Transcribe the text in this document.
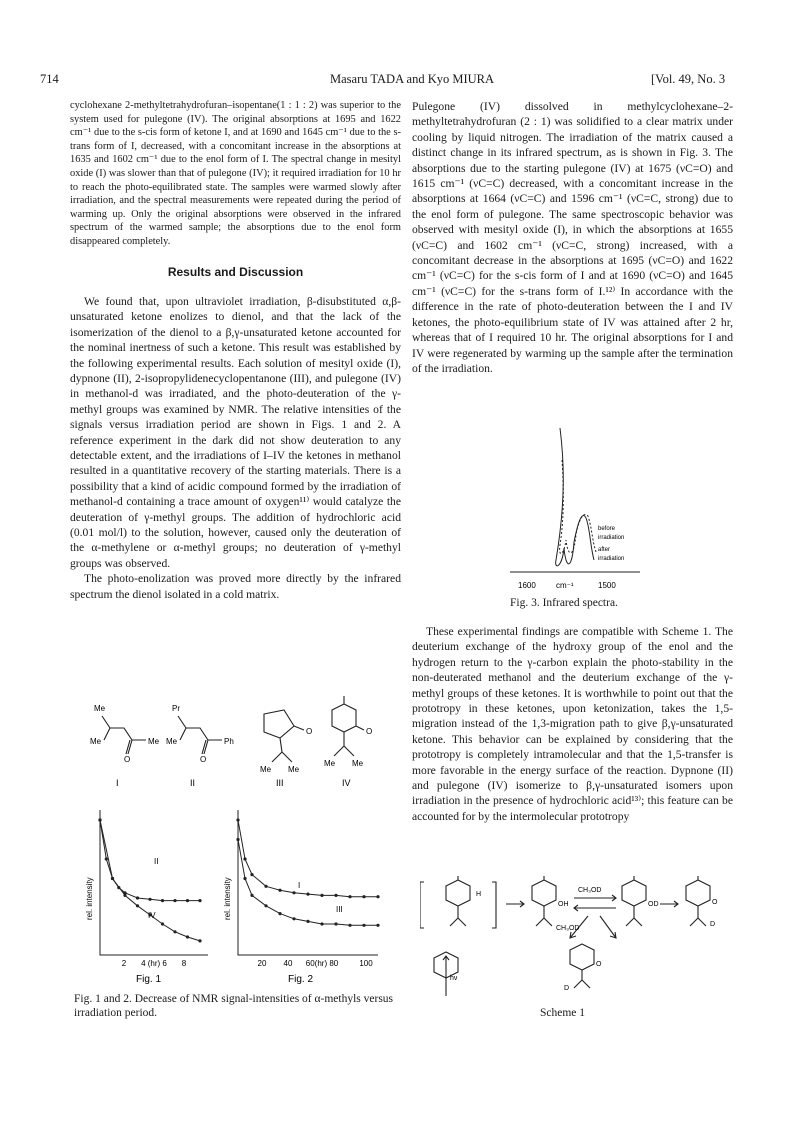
714	Masaru TADA and Kyo MIURA	[Vol. 49, No. 3

cyclohexane 2-methyltetrahydrofuran–isopentane(1 : 1 : 2) was superior to the system used for pulegone (IV). The original absorptions at 1695 and 1622 cm⁻¹ due to the s-cis form of ketone I, and at 1690 and 1645 cm⁻¹ due to the s-trans form of I, decreased, with a concomitant increase in the absorptions at 1635 and 1602 cm⁻¹ due to the enol form of I. The spectral change in mesityl oxide (I) was slower than that of pulegone (IV); it required irradiation for 10 hr to reach the photo-equilibrated state. The samples were warmed slowly after irradiation, and the spectral measurements were repeated during the period of warming up. Only the original absorptions were observed in the infrared spectrum of the warmed sample; the absorptions due to the enol form disappeared completely.

Results and Discussion

We found that, upon ultraviolet irradiation, β-disubstituted α,β-unsaturated ketone enolizes to dienol, and that the lack of the isomerization of the dienol to a β,γ-unsaturated ketone accounted for the nominal inertness of such a ketone. This result was established by the following experimental results. Each solution of mesityl oxide (I), dypnone (II), 2-isopropylidenecyclopentanone (III), and pulegone (IV) in methanol-d was irradiated, and the photo-deuteration of the γ-methyl groups was examined by NMR. The relative intensities of the signals versus irradiation period are shown in Figs. 1 and 2. A reference experiment in the dark did not show deuteration to any detectable extent, and the irradiations of I–IV the ketones in methanol resulted in a quantitative recovery of the starting materials. There is a possibility that a kind of acidic compound formed by the irradiation of methanol-d containing a trace amount of oxygen¹¹⁾ would catalyze the deuteration of γ-methyl groups. The addition of hydrochloric acid (0.01 mol/l) to the solution, however, caused only the deuteration of the α-methylene or α-methyl groups; no deuteration of γ-methyl groups was observed.

The photo-enolization was proved more directly by the infrared spectrum the dienol isolated in a cold matrix.

Me
Me	Me
O
Pr
Me	Ph
O
O
Me Me
O
Me Me
I	II	III	IV
rel. intensity	rel. intensity
2 4 (hr) 6 8	20 40 60(hr) 80	100
II
IV
I
III
Fig. 1	Fig. 2
Fig. 1 and 2. Decrease of NMR signal-intensities of α-methyls versus irradiation period.

Pulegone (IV) dissolved in methylcyclohexane–2-methyltetrahydrofuran (2 : 1) was solidified to a clear matrix under cooling by liquid nitrogen. The irradiation of the matrix caused a distinct change in its infrared spectrum, as is shown in Fig. 3. The absorptions due to the starting pulegone (IV) at 1675 (νC=O) and 1615 cm⁻¹ (νC=C) decreased, with a concomitant increase in the absorptions at 1664 (νC=C) and 1596 cm⁻¹ (νC=C, strong) due to the enol form of pulegone. The same spectroscopic behavior was observed with mesityl oxide (I), in which the absorptions at 1655 (νC=C) and 1602 cm⁻¹ (νC=C, strong) increased, with a concomitant decrease in the absorptions at 1695 (νC=O) and 1622 cm⁻¹ (νC=C) for the s-cis form of I and at 1690 (νC=O) and 1645 cm⁻¹ (νC=C) for the s-trans form of I.¹²⁾ In accordance with the difference in the rate of photo-deuteration between the I and IV ketones, the photo-equilibrium state of IV was attained after 2 hr, whereas that of I required 10 hr. The original absorptions for I and IV were regenerated by warming up the sample after the termination of the irradiation.

1600	cm⁻¹	1500
before
irradiation
after
irradiation
Fig. 3. Infrared spectra.

These experimental findings are compatible with Scheme 1. The deuterium exchange of the hydroxy group of the enol and the hydrogen return to the γ-carbon explain the photo-stability in the non-deuterated methanol and the deuterium exchange of the γ-methyl groups of these ketones. It is worthwhile to point out that the prototropy in these ketones, upon ketonization, takes the 1,5-migration instead of the 1,3-migration path to give β,γ-unsaturated ketone. This behavior can be explained by considering that the prototropy is completely intramolecular and that the 1,5-transfer is more favorable in the energy surface of the reaction. Dypnone (II) and pulegone (IV) isomerize to β,γ-unsaturated isomers upon irradiation in the presence of hydrochloric acid¹³⁾; this feature can be accounted for by the intermolecular prototropy

H
OH
CH₃OD
OD	O
D
CH₃OD
hν
O
D
Scheme 1
